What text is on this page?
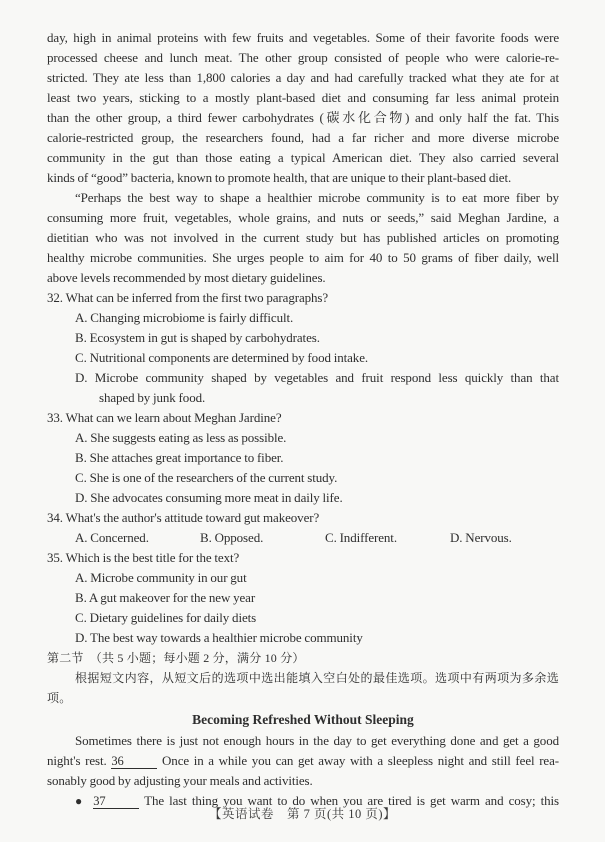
day, high in animal proteins with few fruits and vegetables. Some of their favorite foods were
processed cheese and lunch meat. The other group consisted of people who were calorie-re-
stricted. They ate less than 1,800 calories a day and had carefully tracked what they ate for at
least two years, sticking to a mostly plant-based diet and consuming far less animal protein
than the other group, a third fewer carbohydrates (碳水化合物) and only half the fat. This
calorie-restricted group, the researchers found, had a far richer and more diverse microbe
community in the gut than those eating a typical American diet. They also carried several
kinds of “good” bacteria, known to promote health, that are unique to their plant-based diet.
“Perhaps the best way to shape a healthier microbe community is to eat more fiber by
consuming more fruit, vegetables, whole grains, and nuts or seeds,” said Meghan Jardine, a
dietitian who was not involved in the current study but has published articles on promoting
healthy microbe communities. She urges people to aim for 40 to 50 grams of fiber daily, well
above levels recommended by most dietary guidelines.
32. What can be inferred from the first two paragraphs?
A. Changing microbiome is fairly difficult.
B. Ecosystem in gut is shaped by carbohydrates.
C. Nutritional components are determined by food intake.
D. Microbe community shaped by vegetables and fruit respond less quickly than that
shaped by junk food.
33. What can we learn about Meghan Jardine?
A. She suggests eating as less as possible.
B. She attaches great importance to fiber.
C. She is one of the researchers of the current study.
D. She advocates consuming more meat in daily life.
34. What's the author's attitude toward gut makeover?
A. Concerned.	B. Opposed.	C. Indifferent.	D. Nervous.
35. Which is the best title for the text?
A. Microbe community in our gut
B. A gut makeover for the new year
C. Dietary guidelines for daily diets
D. The best way towards a healthier microbe community
第二节　（共 5 小题；每小题 2 分，满分 10 分）
根据短文内容，从短文后的选项中选出能填入空白处的最佳选项。选项中有两项为多余选
项。
Becoming Refreshed Without Sleeping
Sometimes there is just not enough hours in the day to get everything done and get a good
night's rest. 36	Once in a while you can get away with a sleepless night and still feel rea-
sonably good by adjusting your meals and activities.
● 37	The last thing you want to do when you are tired is get warm and cosy; this
【英语试卷　第 7 页(共 10 页)】
